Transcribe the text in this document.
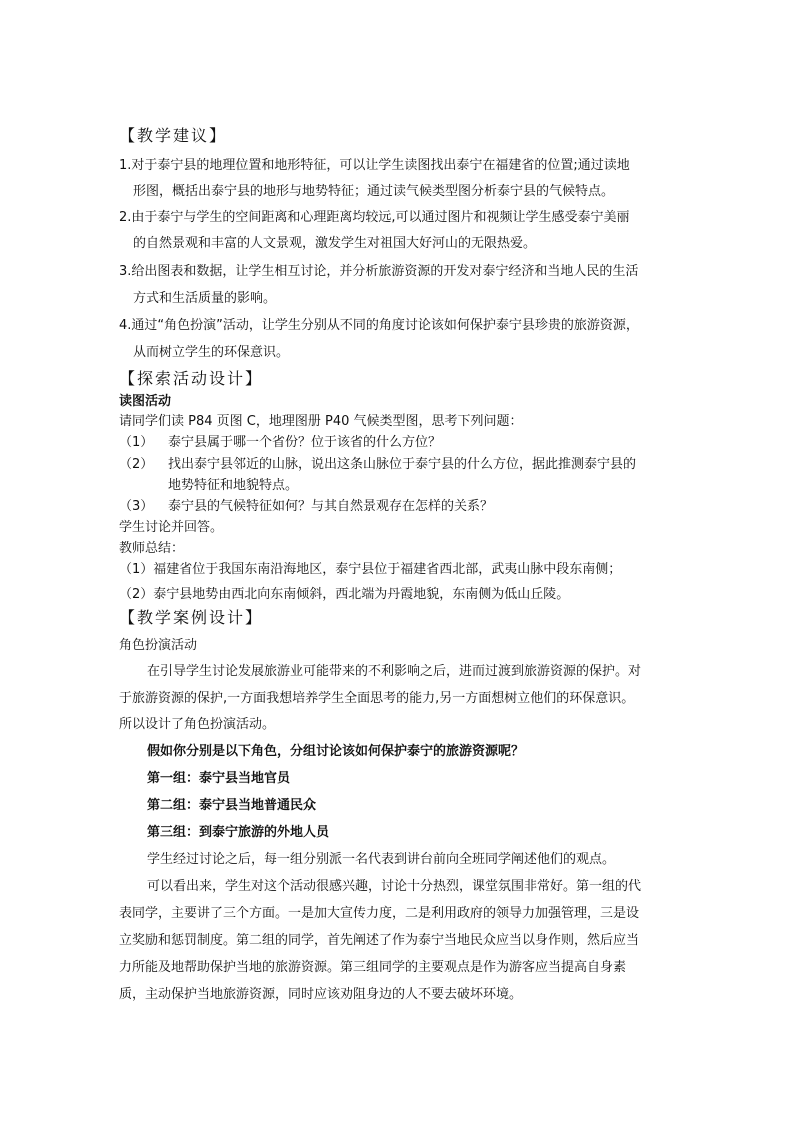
【教学建议】
1.对于泰宁县的地理位置和地形特征，可以让学生读图找出泰宁在福建省的位置;通过读地
形图，概括出泰宁县的地形与地势特征；通过读气候类型图分析泰宁县的气候特点。
2.由于泰宁与学生的空间距离和心理距离均较远,可以通过图片和视频让学生感受泰宁美丽
的自然景观和丰富的人文景观，激发学生对祖国大好河山的无限热爱。
3.给出图表和数据，让学生相互讨论，并分析旅游资源的开发对泰宁经济和当地人民的生活
方式和生活质量的影响。
4.通过“角色扮演”活动，让学生分别从不同的角度讨论该如何保护泰宁县珍贵的旅游资源，
从而树立学生的环保意识。
【探索活动设计】
读图活动
请同学们读 P84 页图 C，地理图册 P40 气候类型图，思考下列问题：
（1） 泰宁县属于哪一个省份？位于该省的什么方位？
（2） 找出泰宁县邻近的山脉，说出这条山脉位于泰宁县的什么方位，据此推测泰宁县的
地势特征和地貌特点。
（3） 泰宁县的气候特征如何？与其自然景观存在怎样的关系？
学生讨论并回答。
教师总结：
（1）福建省位于我国东南沿海地区，泰宁县位于福建省西北部，武夷山脉中段东南侧；
（2）泰宁县地势由西北向东南倾斜，西北端为丹霞地貌，东南侧为低山丘陵。
【教学案例设计】
角色扮演活动
在引导学生讨论发展旅游业可能带来的不利影响之后，进而过渡到旅游资源的保护。对
于旅游资源的保护,一方面我想培养学生全面思考的能力,另一方面想树立他们的环保意识。
所以设计了角色扮演活动。
假如你分别是以下角色，分组讨论该如何保护泰宁的旅游资源呢？
第一组：泰宁县当地官员
第二组：泰宁县当地普通民众
第三组：到泰宁旅游的外地人员
学生经过讨论之后，每一组分别派一名代表到讲台前向全班同学阐述他们的观点。
可以看出来，学生对这个活动很感兴趣，讨论十分热烈，课堂氛围非常好。第一组的代
表同学，主要讲了三个方面。一是加大宣传力度，二是利用政府的领导力加强管理，三是设
立奖励和惩罚制度。第二组的同学，首先阐述了作为泰宁当地民众应当以身作则，然后应当
力所能及地帮助保护当地的旅游资源。第三组同学的主要观点是作为游客应当提高自身素
质，主动保护当地旅游资源，同时应该劝阻身边的人不要去破坏环境。
